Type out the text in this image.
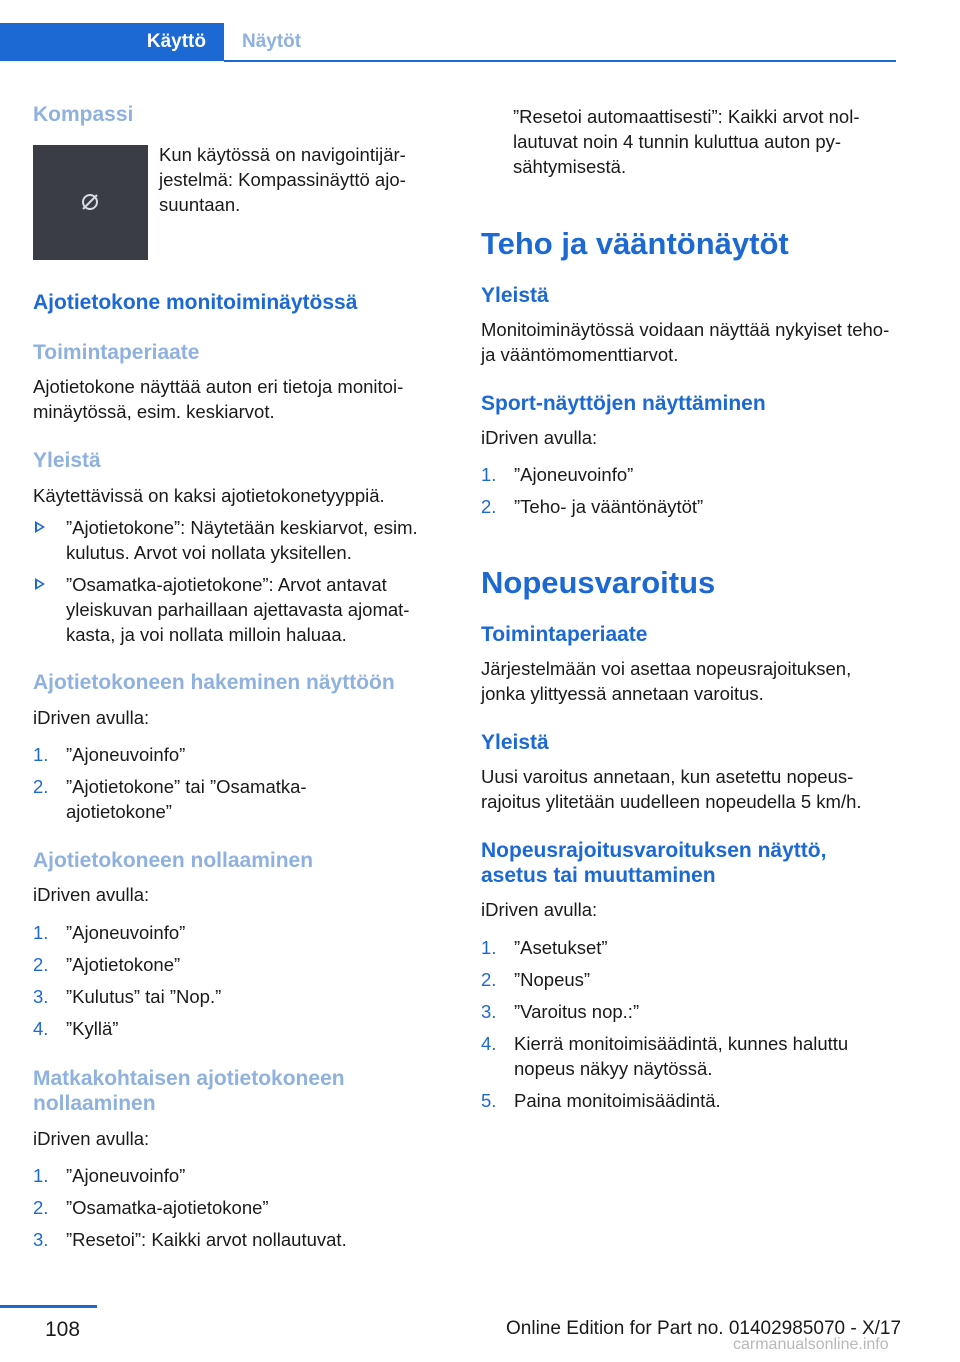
Käyttö	Näytöt
Kompassi
Kun käytössä on navigointijär-
jestelmä: Kompassinäyttö ajo-
suuntaan.
Ajotietokone monitoiminäytössä
Toimintaperiaate
Ajotietokone näyttää auton eri tietoja monitoi-minäytössä, esim. keskiarvot.
Yleistä
Käytettävissä on kaksi ajotietokonetyyppiä.
”Ajotietokone”: Näytetään keskiarvot, esim. kulutus. Arvot voi nollata yksitellen.
”Osamatka-ajotietokone”: Arvot antavat yleiskuvan parhaillaan ajettavasta ajomat-kasta, ja voi nollata milloin haluaa.
Ajotietokoneen hakeminen näyttöön
iDriven avulla:
1. ”Ajoneuvoinfo”
2. ”Ajotietokone” tai ”Osamatka-ajotietokone”
Ajotietokoneen nollaaminen
iDriven avulla:
1. ”Ajoneuvoinfo”
2. ”Ajotietokone”
3. ”Kulutus” tai ”Nop.”
4. ”Kyllä”
Matkakohtaisen ajotietokoneen
nollaaminen
iDriven avulla:
1. ”Ajoneuvoinfo”
2. ”Osamatka-ajotietokone”
3. ”Resetoi”: Kaikki arvot nollautuvat.
”Resetoi automaattisesti”: Kaikki arvot nol-lautuvat noin 4 tunnin kuluttua auton py-sähtymisestä.
Teho ja vääntönäytöt
Yleistä
Monitoiminäytössä voidaan näyttää nykyiset teho- ja vääntömomenttiarvot.
Sport-näyttöjen näyttäminen
iDriven avulla:
1. ”Ajoneuvoinfo”
2. ”Teho- ja vääntönäytöt”
Nopeusvaroitus
Toimintaperiaate
Järjestelmään voi asettaa nopeusrajoituksen, jonka ylittyessä annetaan varoitus.
Yleistä
Uusi varoitus annetaan, kun asetettu nopeus-rajoitus ylitetään uudelleen nopeudella 5 km/h.
Nopeusrajoitusvaroituksen näyttö,
asetus tai muuttaminen
iDriven avulla:
1. ”Asetukset”
2. ”Nopeus”
3. ”Varoitus nop.:”
4. Kierrä monitoimisäädintä, kunnes haluttu nopeus näkyy näytössä.
5. Paina monitoimisäädintä.
108	Online Edition for Part no. 01402985070 - X/17
carmanualsonline.info
